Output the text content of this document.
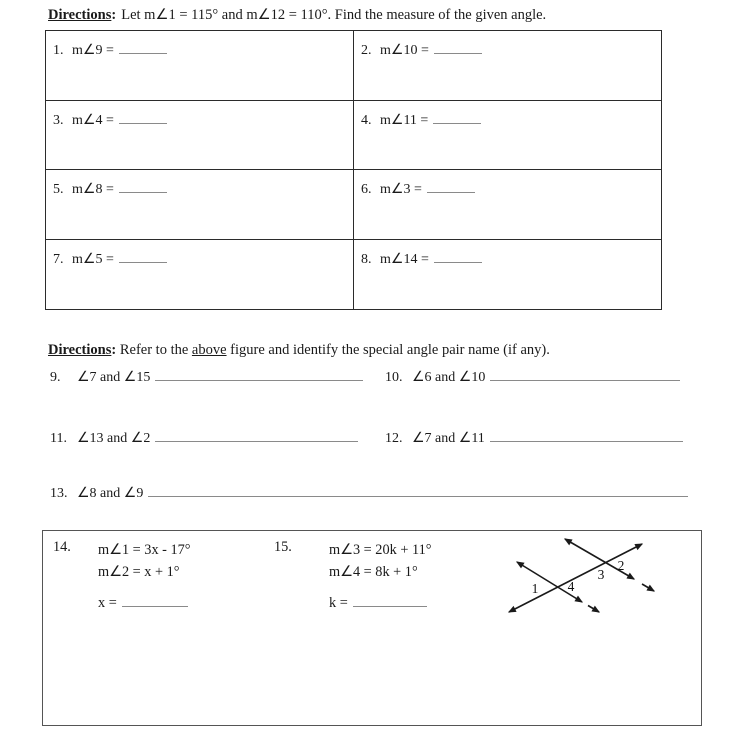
Directions: Let m∠1 = 115° and m∠12 = 110°. Find the measure of the given angle.

1. m∠9 =	2. m∠10 =
3. m∠4 =	4. m∠11 =
5. m∠8 =	6. m∠3 =
7. m∠5 =	8. m∠14 =

Directions: Refer to the above figure and identify the special angle pair name (if any).

9. ∠7 and ∠15	10. ∠6 and ∠10

11. ∠13 and ∠2	12. ∠7 and ∠11

13. ∠8 and ∠9

14. m∠1 = 3x - 17°
m∠2 = x + 1°

x =
15.	m∠3 = 20k + 11°
m∠4 = 8k + 1°

k =
1 4
3
2
